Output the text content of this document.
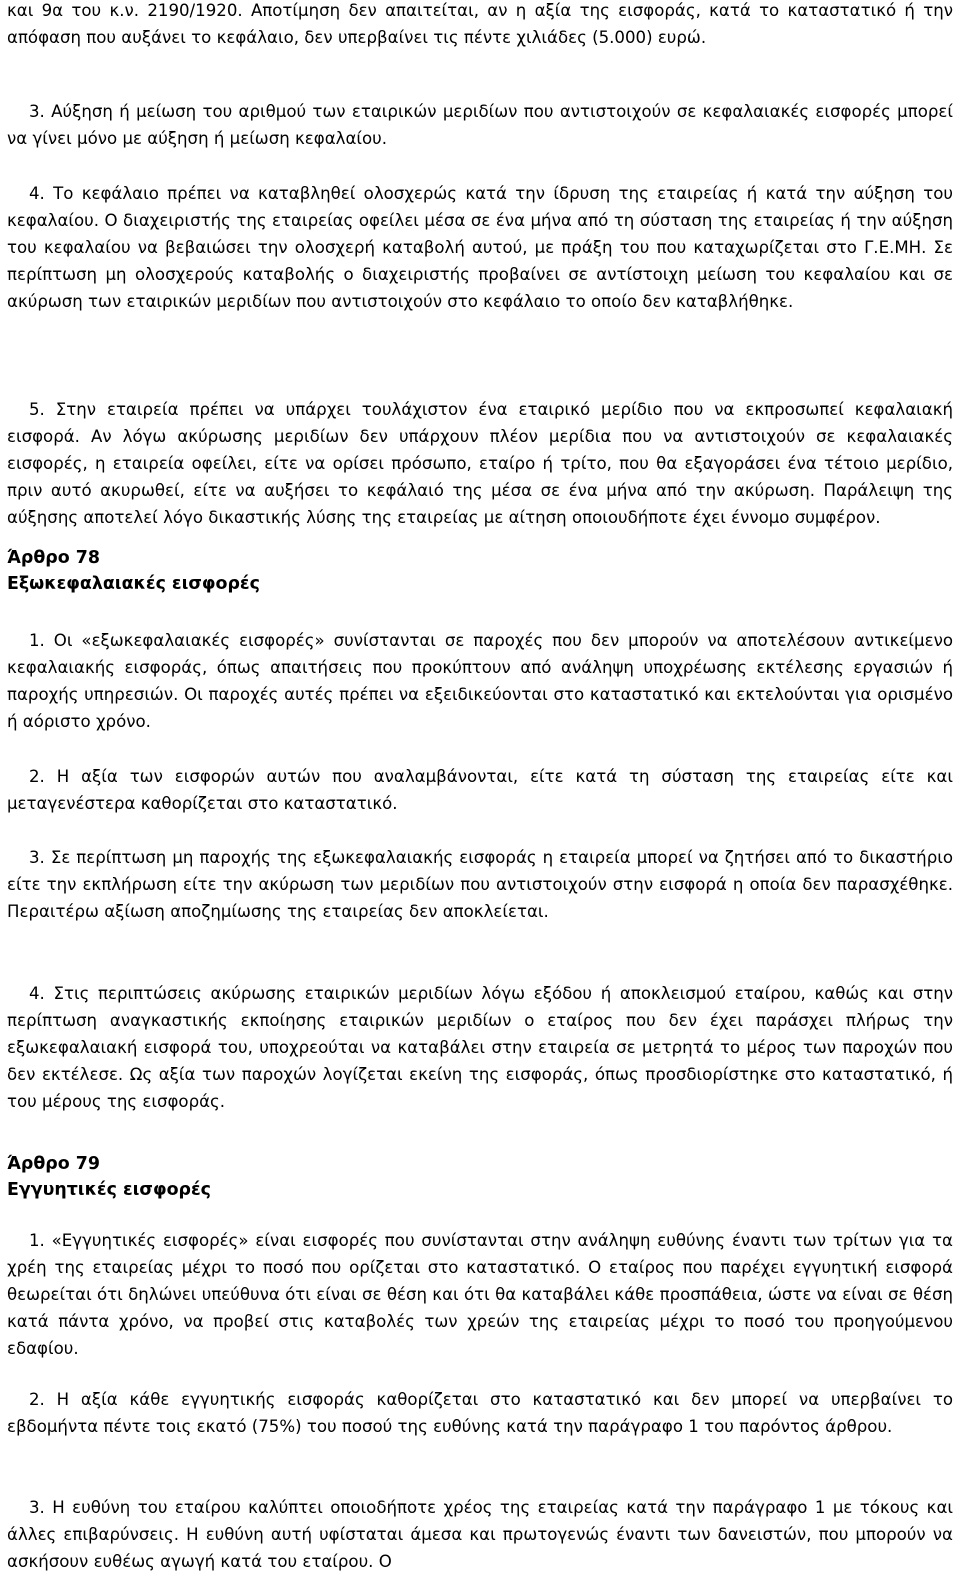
και 9α του κ.ν. 2190/1920. Αποτίμηση δεν απαιτείται, αν η αξία της εισφοράς, κατά το καταστατικό ή την απόφαση που αυξάνει το κεφάλαιο, δεν υπερβαίνει τις πέντε χιλιάδες (5.000) ευρώ.

3. Αύξηση ή μείωση του αριθμού των εταιρικών μεριδίων που αντιστοιχούν σε κεφαλαιακές εισφορές μπορεί να γίνει μόνο με αύξηση ή μείωση κεφαλαίου.

4. Το κεφάλαιο πρέπει να καταβληθεί ολοσχερώς κατά την ίδρυση της εταιρείας ή κατά την αύξηση του κεφαλαίου. Ο διαχειριστής της εταιρείας οφείλει μέσα σε ένα μήνα από τη σύσταση της εταιρείας ή την αύξηση του κεφαλαίου να βεβαιώσει την ολοσχερή καταβολή αυτού, με πράξη του που καταχωρίζεται στο Γ.Ε.ΜΗ. Σε περίπτωση μη ολοσχερούς καταβολής ο διαχειριστής προβαίνει σε αντίστοιχη μείωση του κεφαλαίου και σε ακύρωση των εταιρικών μεριδίων που αντιστοιχούν στο κεφάλαιο το οποίο δεν καταβλήθηκε.

5. Στην εταιρεία πρέπει να υπάρχει τουλάχιστον ένα εταιρικό μερίδιο που να εκπροσωπεί κεφαλαιακή εισφορά. Αν λόγω ακύρωσης μεριδίων δεν υπάρχουν πλέον μερίδια που να αντιστοιχούν σε κεφαλαιακές εισφορές, η εταιρεία οφείλει, είτε να ορίσει πρόσωπο, εταίρο ή τρίτο, που θα εξαγοράσει ένα τέτοιο μερίδιο, πριν αυτό ακυρωθεί, είτε να αυξήσει το κεφάλαιό της μέσα σε ένα μήνα από την ακύρωση. Παράλειψη της αύξησης αποτελεί λόγο δικαστικής λύσης της εταιρείας με αίτηση οποιουδήποτε έχει έννομο συμφέρον.

Άρθρο 78
Εξωκεφαλαιακές εισφορές

1. Οι «εξωκεφαλαιακές εισφορές» συνίστανται σε παροχές που δεν μπορούν να αποτελέσουν αντικείμενο κεφαλαιακής εισφοράς, όπως απαιτήσεις που προκύπτουν από ανάληψη υποχρέωσης εκτέλεσης εργασιών ή παροχής υπηρεσιών. Οι παροχές αυτές πρέπει να εξειδικεύονται στο καταστατικό και εκτελούνται για ορισμένο ή αόριστο χρόνο.

2. Η αξία των εισφορών αυτών που αναλαμβάνονται, είτε κατά τη σύσταση της εταιρείας είτε και μεταγενέστερα καθορίζεται στο καταστατικό.

3. Σε περίπτωση μη παροχής της εξωκεφαλαιακής εισφοράς η εταιρεία μπορεί να ζητήσει από το δικαστήριο είτε την εκπλήρωση είτε την ακύρωση των μεριδίων που αντιστοιχούν στην εισφορά η οποία δεν παρασχέθηκε. Περαιτέρω αξίωση αποζημίωσης της εταιρείας δεν αποκλείεται.

4. Στις περιπτώσεις ακύρωσης εταιρικών μεριδίων λόγω εξόδου ή αποκλεισμού εταίρου, καθώς και στην περίπτωση αναγκαστικής εκποίησης εταιρικών μεριδίων ο εταίρος που δεν έχει παράσχει πλήρως την εξωκεφαλαιακή εισφορά του, υποχρεούται να καταβάλει στην εταιρεία σε μετρητά το μέρος των παροχών που δεν εκτέλεσε. Ως αξία των παροχών λογίζεται εκείνη της εισφοράς, όπως προσδιορίστηκε στο καταστατικό, ή του μέρους της εισφοράς.

Άρθρο 79
Εγγυητικές εισφορές

1. «Εγγυητικές εισφορές» είναι εισφορές που συνίστανται στην ανάληψη ευθύνης έναντι των τρίτων για τα χρέη της εταιρείας μέχρι το ποσό που ορίζεται στο καταστατικό. Ο εταίρος που παρέχει εγγυητική εισφορά θεωρείται ότι δηλώνει υπεύθυνα ότι είναι σε θέση και ότι θα καταβάλει κάθε προσπάθεια, ώστε να είναι σε θέση κατά πάντα χρόνο, να προβεί στις καταβολές των χρεών της εταιρείας μέχρι το ποσό του προηγούμενου εδαφίου.

2. Η αξία κάθε εγγυητικής εισφοράς καθορίζεται στο καταστατικό και δεν μπορεί να υπερβαίνει το εβδομήντα πέντε τοις εκατό (75%) του ποσού της ευθύνης κατά την παράγραφο 1 του παρόντος άρθρου.

3. Η ευθύνη του εταίρου καλύπτει οποιοδήποτε χρέος της εταιρείας κατά την παράγραφο 1 με τόκους και άλλες επιβαρύνσεις. Η ευθύνη αυτή υφίσταται άμεσα και πρωτογενώς έναντι των δανειστών, που μπορούν να ασκήσουν ευθέως αγωγή κατά του εταίρου. Ο
